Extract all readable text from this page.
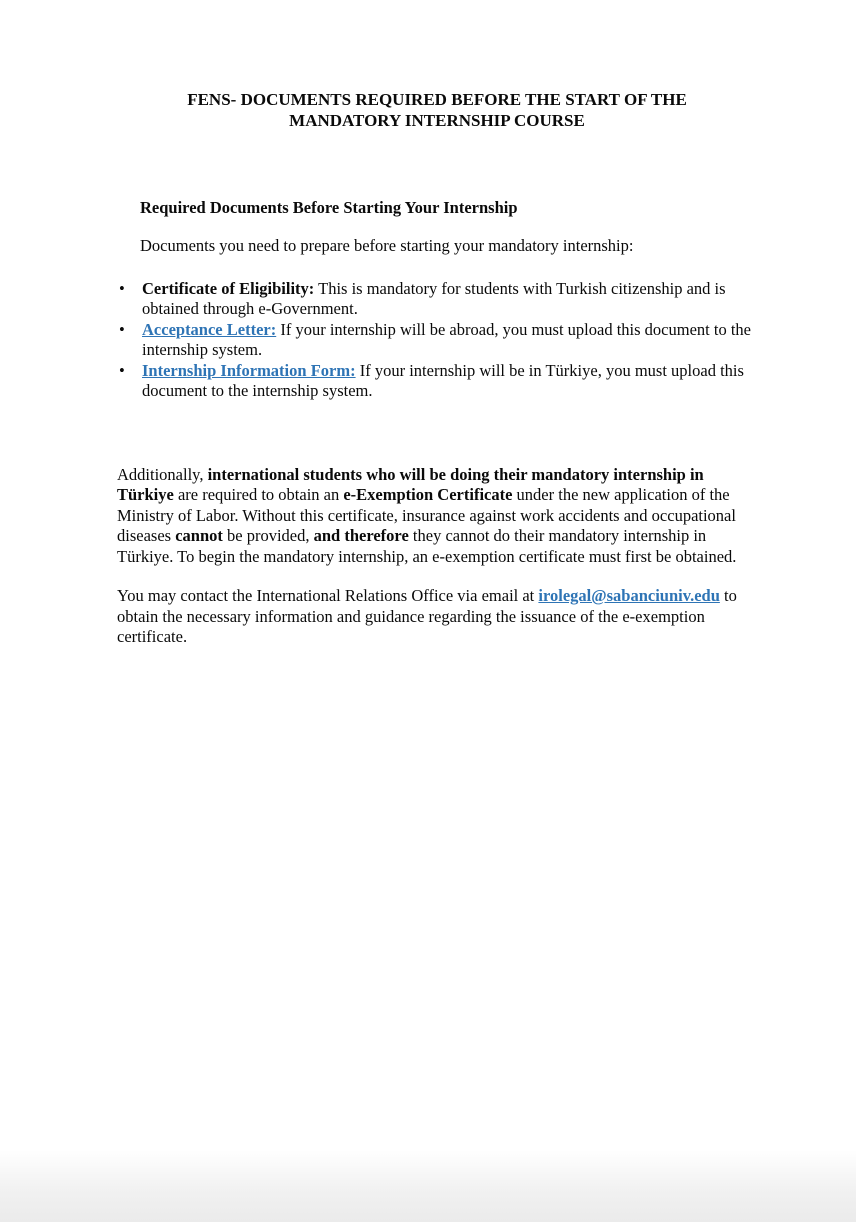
FENS- DOCUMENTS REQUIRED BEFORE THE START OF THE MANDATORY INTERNSHIP COURSE
Required Documents Before Starting Your Internship

Documents you need to prepare before starting your mandatory internship:

• Certificate of Eligibility: This is mandatory for students with Turkish citizenship and is obtained through e-Government.
• Acceptance Letter: If your internship will be abroad, you must upload this document to the internship system.
• Internship Information Form: If your internship will be in Türkiye, you must upload this document to the internship system.

Additionally, international students who will be doing their mandatory internship in Türkiye are required to obtain an e-Exemption Certificate under the new application of the Ministry of Labor. Without this certificate, insurance against work accidents and occupational diseases cannot be provided, and therefore they cannot do their mandatory internship in Türkiye. To begin the mandatory internship, an e-exemption certificate must first be obtained.

You may contact the International Relations Office via email at irolegal@sabanciuniv.edu to obtain the necessary information and guidance regarding the issuance of the e-exemption certificate.
